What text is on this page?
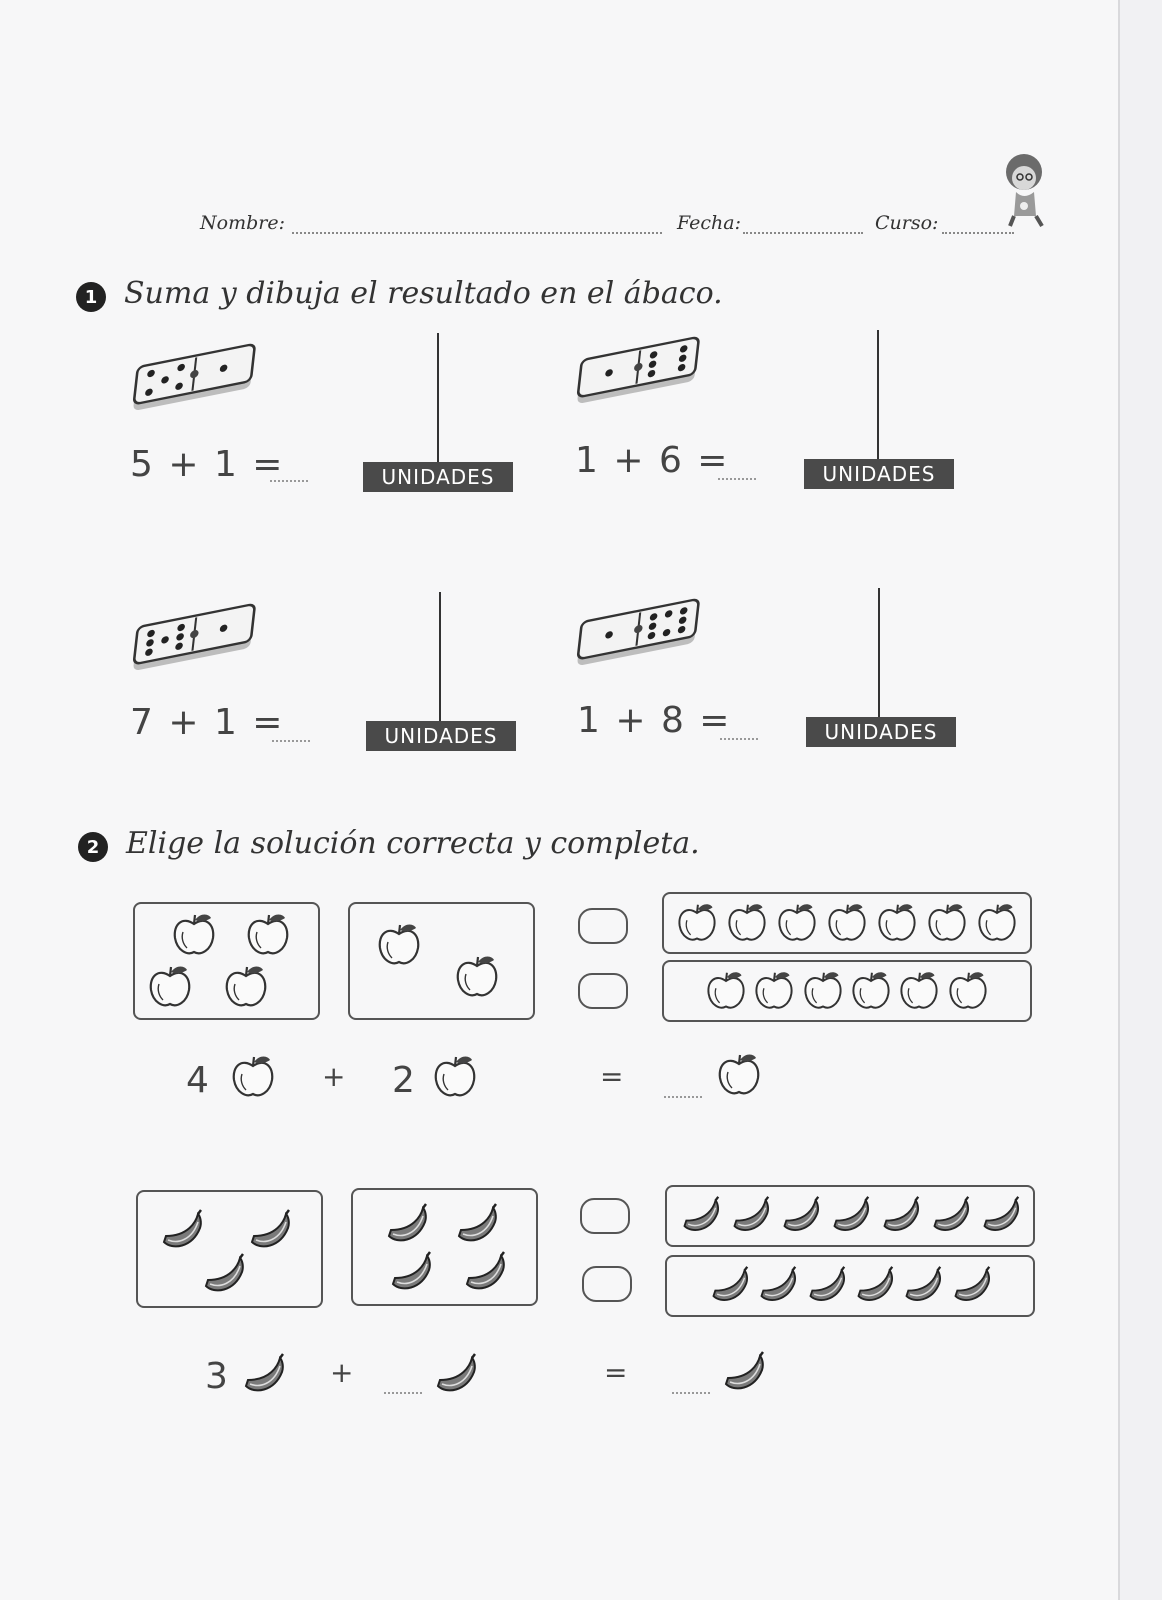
Nombre:	Fecha:	Curso:
1 Suma y dibuja el resultado en el ábaco.
5 + 1 =	UNIDADES	1 + 6 =	UNIDADES
7 + 1 =	UNIDADES	1 + 8 =	UNIDADES
2 Elige la solución correcta y completa.
4	+ 2	=
3	+	=
